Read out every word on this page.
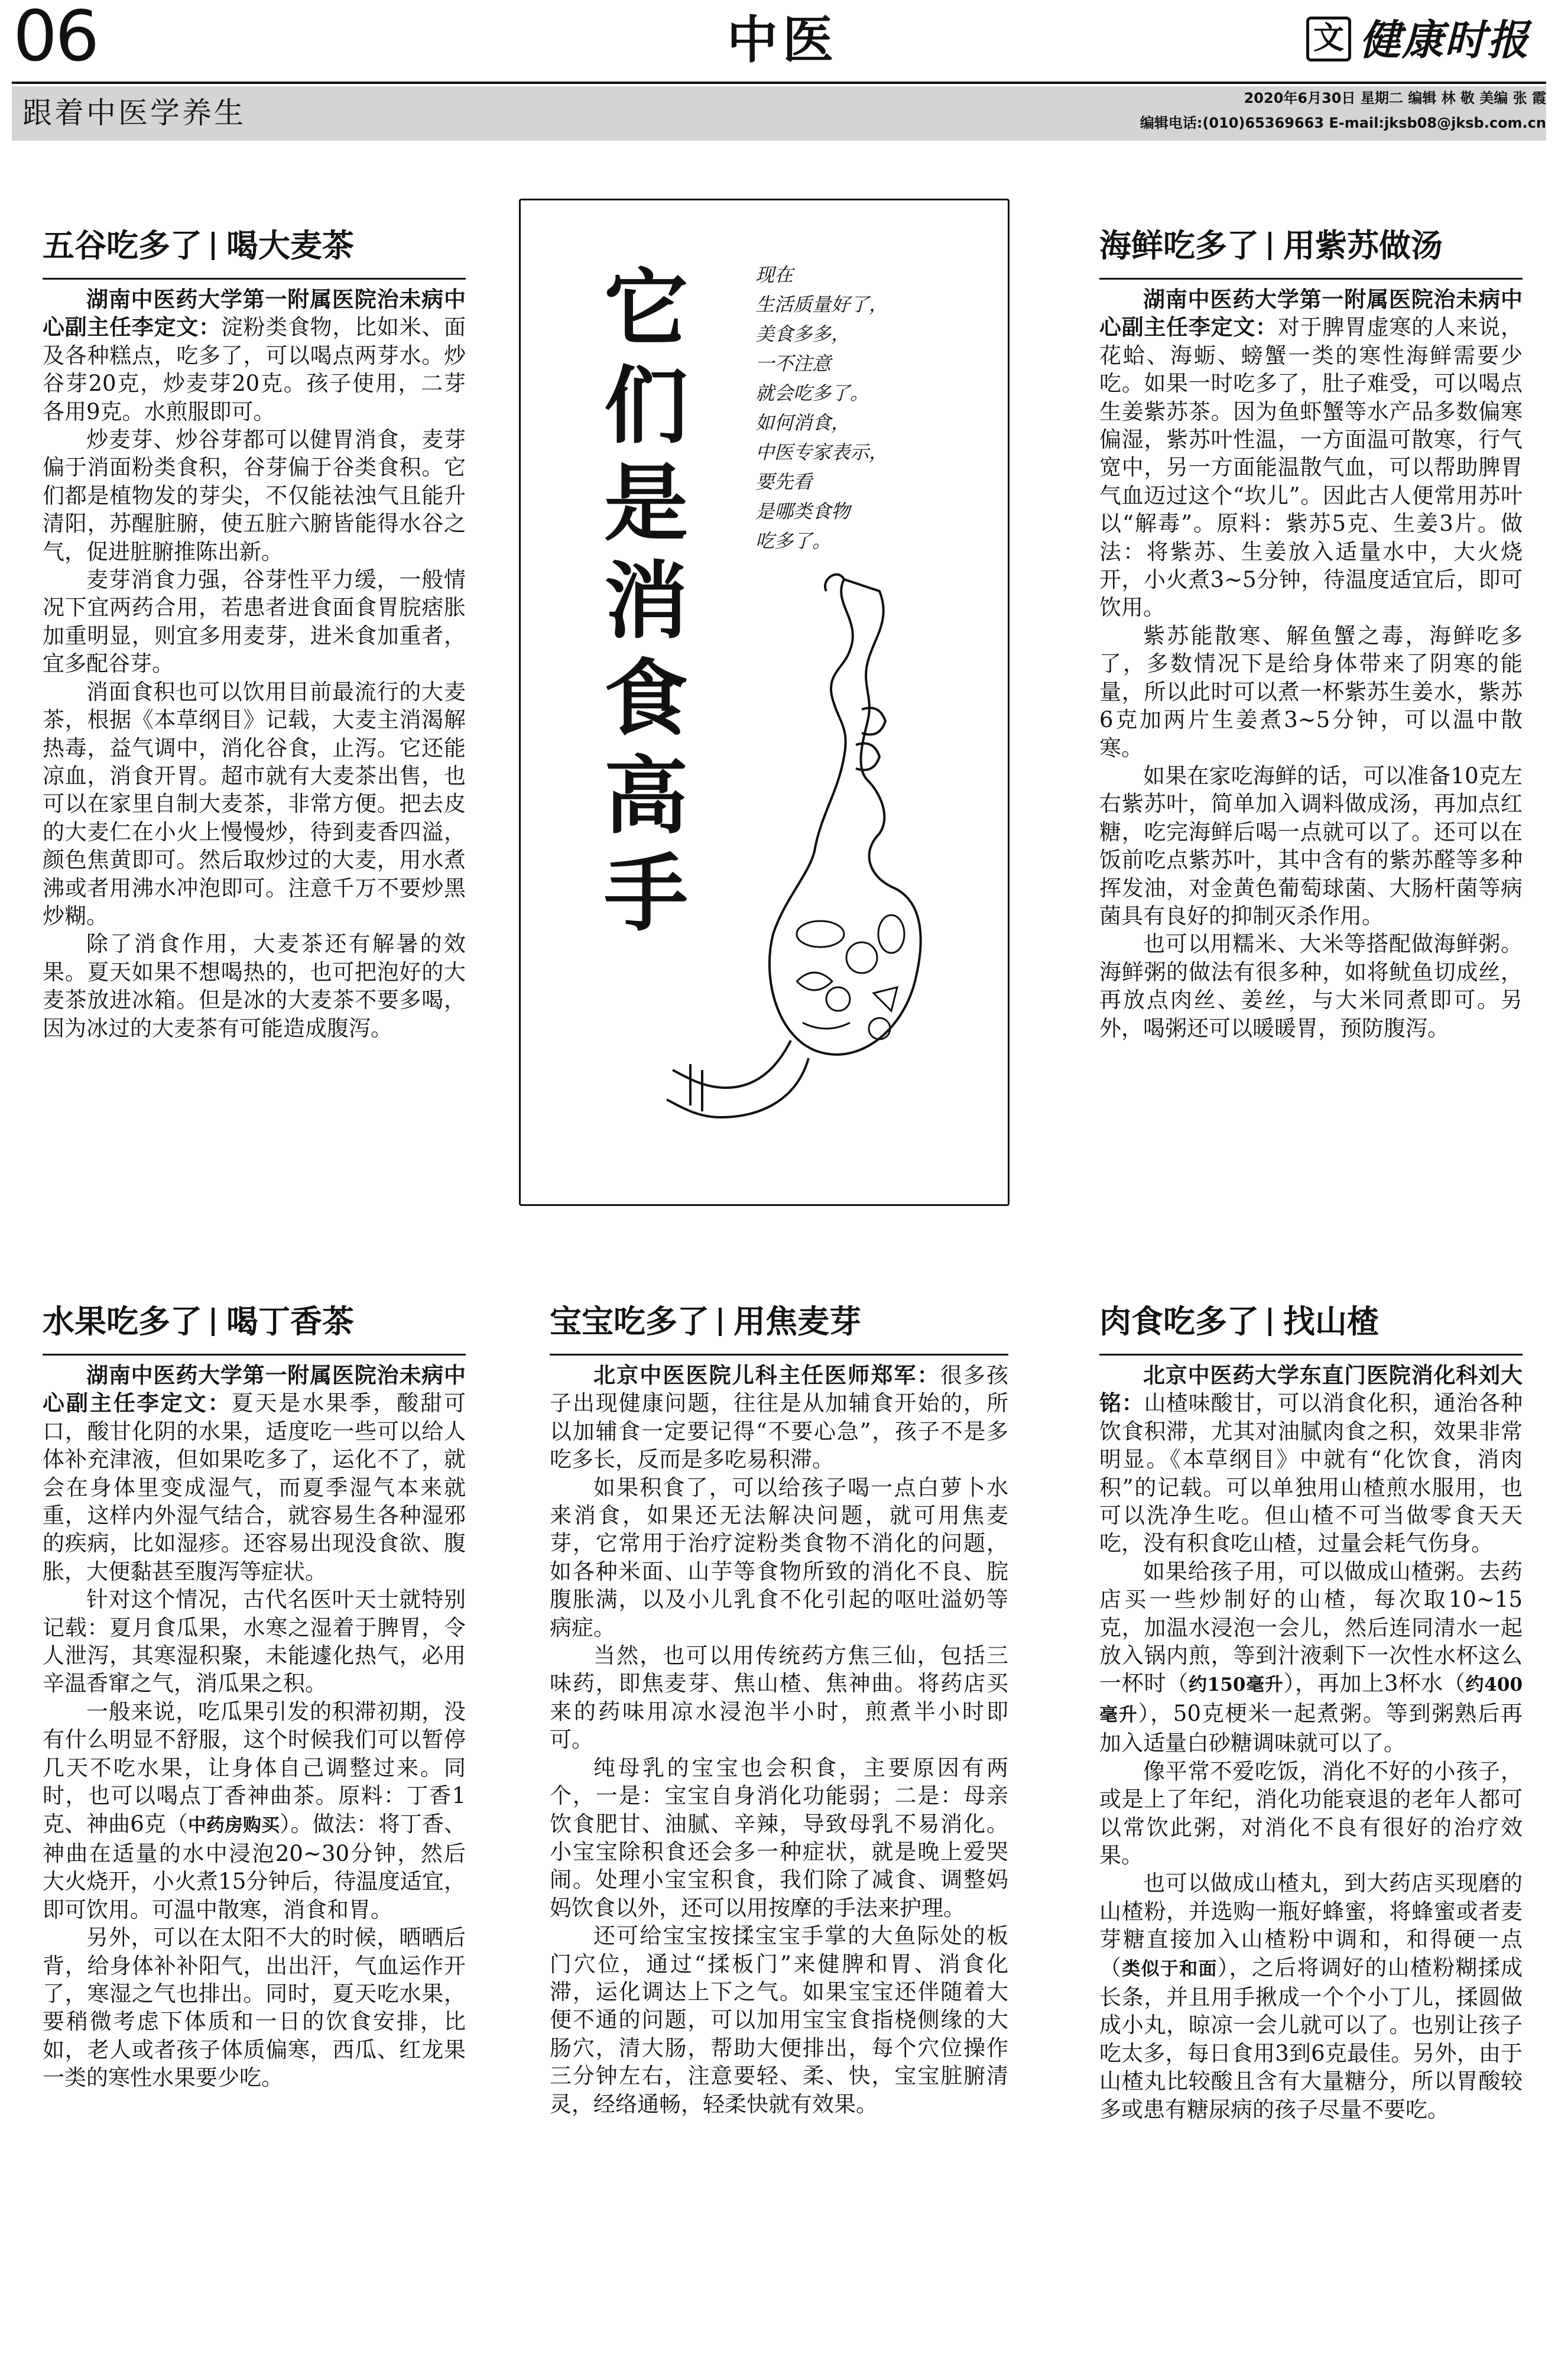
06	中医	文 健康时报
跟着中医学养生	2020年6月30日 星期二 编辑 林 敬 美编 张 霞
编辑电话:(010)65369663 E-mail:jksb08@jksb.com.cn
五谷吃多了 喝大麦茶

湖南中医药大学第一附属医院治未病中心副主任李定文：淀粉类食物，比如米、面及各种糕点，吃多了，可以喝点两芽水。炒谷芽20克，炒麦芽20克。孩子使用，二芽各用9克。水煎服即可。

炒麦芽、炒谷芽都可以健胃消食，麦芽偏于消面粉类食积，谷芽偏于谷类食积。它们都是植物发的芽尖，不仅能祛浊气且能升清阳，苏醒脏腑，使五脏六腑皆能得水谷之气，促进脏腑推陈出新。

麦芽消食力强，谷芽性平力缓，一般情况下宜两药合用，若患者进食面食胃脘痞胀加重明显，则宜多用麦芽，进米食加重者，宜多配谷芽。

消面食积也可以饮用目前最流行的大麦茶，根据《本草纲目》记载，大麦主消渴解热毒，益气调中，消化谷食，止泻。它还能凉血，消食开胃。超市就有大麦茶出售，也可以在家里自制大麦茶，非常方便。把去皮的大麦仁在小火上慢慢炒，待到麦香四溢，颜色焦黄即可。然后取炒过的大麦，用水煮沸或者用沸水冲泡即可。注意千万不要炒黑炒糊。

除了消食作用，大麦茶还有解暑的效果。夏天如果不想喝热的，也可把泡好的大麦茶放进冰箱。但是冰的大麦茶不要多喝，因为冰过的大麦茶有可能造成腹泻。

它们是消食高手
现在
生活质量好了，
美食多多，
一不注意
就会吃多了。
如何消食，
中医专家表示，
要先看
是哪类食物
吃多了。
海鲜吃多了 用紫苏做汤

湖南中医药大学第一附属医院治未病中心副主任李定文：对于脾胃虚寒的人来说，花蛤、海蛎、螃蟹一类的寒性海鲜需要少吃。如果一时吃多了，肚子难受，可以喝点生姜紫苏茶。因为鱼虾蟹等水产品多数偏寒偏湿，紫苏叶性温，一方面温可散寒，行气宽中，另一方面能温散气血，可以帮助脾胃气血迈过这个“坎儿”。因此古人便常用苏叶以“解毒”。原料：紫苏5克、生姜3片。做法：将紫苏、生姜放入适量水中，大火烧开，小火煮3~5分钟，待温度适宜后，即可饮用。

紫苏能散寒、解鱼蟹之毒，海鲜吃多了，多数情况下是给身体带来了阴寒的能量，所以此时可以煮一杯紫苏生姜水，紫苏6克加两片生姜煮3~5分钟，可以温中散寒。

如果在家吃海鲜的话，可以准备10克左右紫苏叶，简单加入调料做成汤，再加点红糖，吃完海鲜后喝一点就可以了。还可以在饭前吃点紫苏叶，其中含有的紫苏醛等多种挥发油，对金黄色葡萄球菌、大肠杆菌等病菌具有良好的抑制灭杀作用。

也可以用糯米、大米等搭配做海鲜粥。海鲜粥的做法有很多种，如将鱿鱼切成丝，再放点肉丝、姜丝，与大米同煮即可。另外，喝粥还可以暖暖胃，预防腹泻。

水果吃多了 喝丁香茶

湖南中医药大学第一附属医院治未病中心副主任李定文：夏天是水果季，酸甜可口，酸甘化阴的水果，适度吃一些可以给人体补充津液，但如果吃多了，运化不了，就会在身体里变成湿气，而夏季湿气本来就重，这样内外湿气结合，就容易生各种湿邪的疾病，比如湿疹。还容易出现没食欲、腹胀，大便黏甚至腹泻等症状。

针对这个情况，古代名医叶天士就特别记载：夏月食瓜果，水寒之湿着于脾胃，令人泄泻，其寒湿积聚，未能遽化热气，必用辛温香窜之气，消瓜果之积。

一般来说，吃瓜果引发的积滞初期，没有什么明显不舒服，这个时候我们可以暂停几天不吃水果，让身体自己调整过来。同时，也可以喝点丁香神曲茶。原料：丁香1克、神曲6克（中药房购买）。做法：将丁香、神曲在适量的水中浸泡20~30分钟，然后大火烧开，小火煮15分钟后，待温度适宜，即可饮用。可温中散寒，消食和胃。

另外，可以在太阳不大的时候，晒晒后背，给身体补补阳气，出出汗，气血运作开了，寒湿之气也排出。同时，夏天吃水果，要稍微考虑下体质和一日的饮食安排，比如，老人或者孩子体质偏寒，西瓜、红龙果一类的寒性水果要少吃。

宝宝吃多了 用焦麦芽

北京中医医院儿科主任医师郑军：很多孩子出现健康问题，往往是从加辅食开始的，所以加辅食一定要记得“不要心急”，孩子不是多吃多长，反而是多吃易积滞。

如果积食了，可以给孩子喝一点白萝卜水来消食，如果还无法解决问题，就可用焦麦芽，它常用于治疗淀粉类食物不消化的问题，如各种米面、山芋等食物所致的消化不良、脘腹胀满，以及小儿乳食不化引起的呕吐溢奶等病症。

当然，也可以用传统药方焦三仙，包括三味药，即焦麦芽、焦山楂、焦神曲。将药店买来的药味用凉水浸泡半小时，煎煮半小时即可。

纯母乳的宝宝也会积食，主要原因有两个，一是：宝宝自身消化功能弱；二是：母亲饮食肥甘、油腻、辛辣，导致母乳不易消化。小宝宝除积食还会多一种症状，就是晚上爱哭闹。处理小宝宝积食，我们除了减食、调整妈妈饮食以外，还可以用按摩的手法来护理。

还可给宝宝按揉宝宝手掌的大鱼际处的板门穴位，通过“揉板门”来健脾和胃、消食化滞，运化调达上下之气。如果宝宝还伴随着大便不通的问题，可以加用宝宝食指桡侧缘的大肠穴，清大肠，帮助大便排出，每个穴位操作三分钟左右，注意要轻、柔、快，宝宝脏腑清灵，经络通畅，轻柔快就有效果。

肉食吃多了 找山楂

北京中医药大学东直门医院消化科刘大铭：山楂味酸甘，可以消食化积，通治各种饮食积滞，尤其对油腻肉食之积，效果非常明显。《本草纲目》中就有“化饮食，消肉积”的记载。可以单独用山楂煎水服用，也可以洗净生吃。但山楂不可当做零食天天吃，没有积食吃山楂，过量会耗气伤身。

如果给孩子用，可以做成山楂粥。去药店买一些炒制好的山楂，每次取10~15克，加温水浸泡一会儿，然后连同清水一起放入锅内煎，等到汁液剩下一次性水杯这么一杯时（约150毫升），再加上3杯水（约400毫升），50克梗米一起煮粥。等到粥熟后再加入适量白砂糖调味就可以了。

像平常不爱吃饭，消化不好的小孩子，或是上了年纪，消化功能衰退的老年人都可以常饮此粥，对消化不良有很好的治疗效果。

也可以做成山楂丸，到大药店买现磨的山楂粉，并选购一瓶好蜂蜜，将蜂蜜或者麦芽糖直接加入山楂粉中调和，和得硬一点（类似于和面），之后将调好的山楂粉糊揉成长条，并且用手揪成一个个小丁儿，揉圆做成小丸，晾凉一会儿就可以了。也别让孩子吃太多，每日食用3到6克最佳。另外，由于山楂丸比较酸且含有大量糖分，所以胃酸较多或患有糖尿病的孩子尽量不要吃。
